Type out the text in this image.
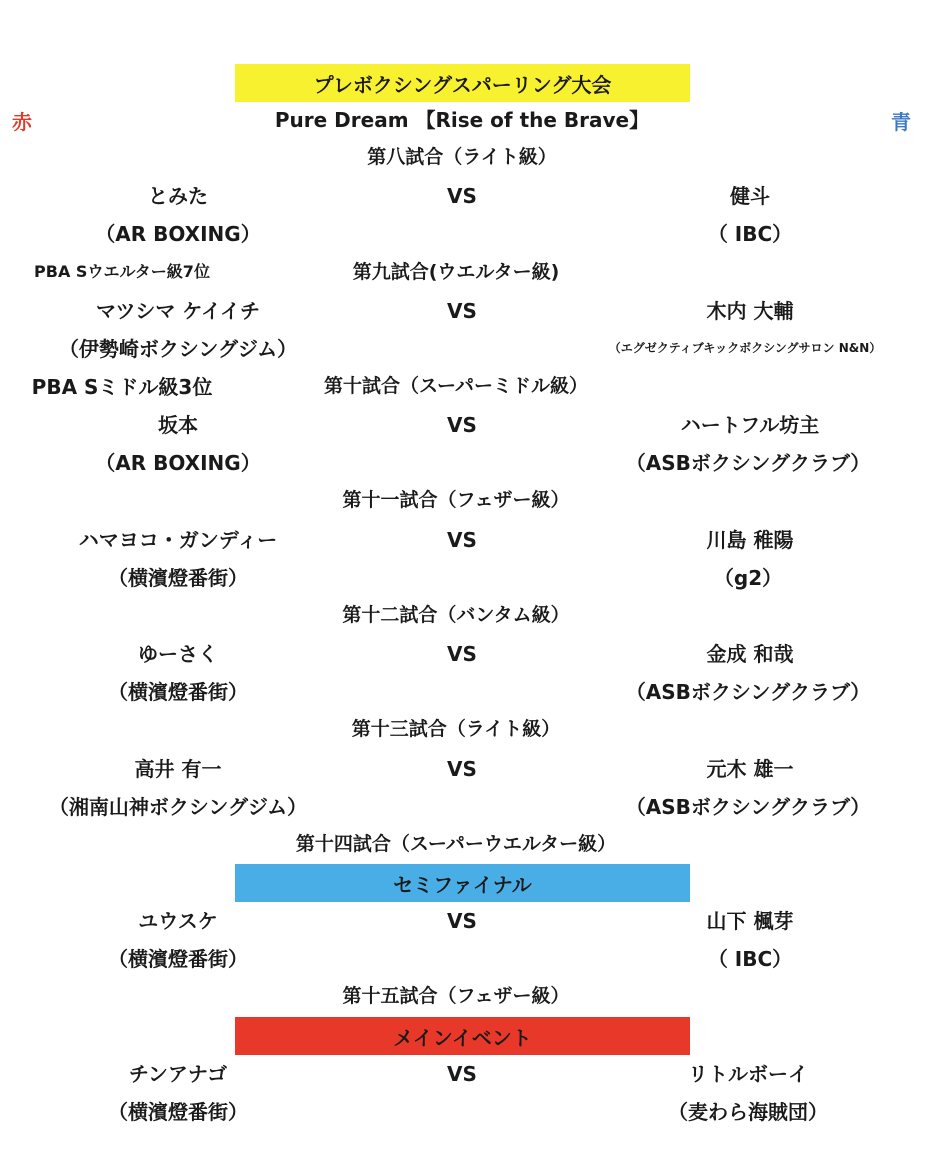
プレボクシングスパーリング大会
Pure Dream 【Rise of the Brave】
赤	青
第八試合（ライト級）
とみた	VS	健斗
（AR BOXING）	（ IBC）
PBA Sウエルター級7位	第九試合(ウエルター級)
マツシマ ケイイチ	VS	木内 大輔
（伊勢崎ボクシングジム）	（エグゼクティブキックボクシングサロン N&N）
PBA Sミドル級3位	第十試合（スーパーミドル級）
坂本	VS	ハートフル坊主
（AR BOXING）	（ASBボクシングクラブ）
第十一試合（フェザー級）
ハマヨコ・ガンディー	VS	川島 稚陽
（横濱燈番街）	（g2）
第十二試合（バンタム級）
ゆーさく	VS	金成 和哉
（横濱燈番街）	（ASBボクシングクラブ）
第十三試合（ライト級）
高井 有一	VS	元木 雄一
（湘南山神ボクシングジム）	（ASBボクシングクラブ）
第十四試合（スーパーウエルター級）
セミファイナル
ユウスケ	VS	山下 楓芽
（横濱燈番街）	（ IBC）
第十五試合（フェザー級）
メインイベント
チンアナゴ	VS	リトルボーイ
（横濱燈番街）	（麦わら海賊団）
